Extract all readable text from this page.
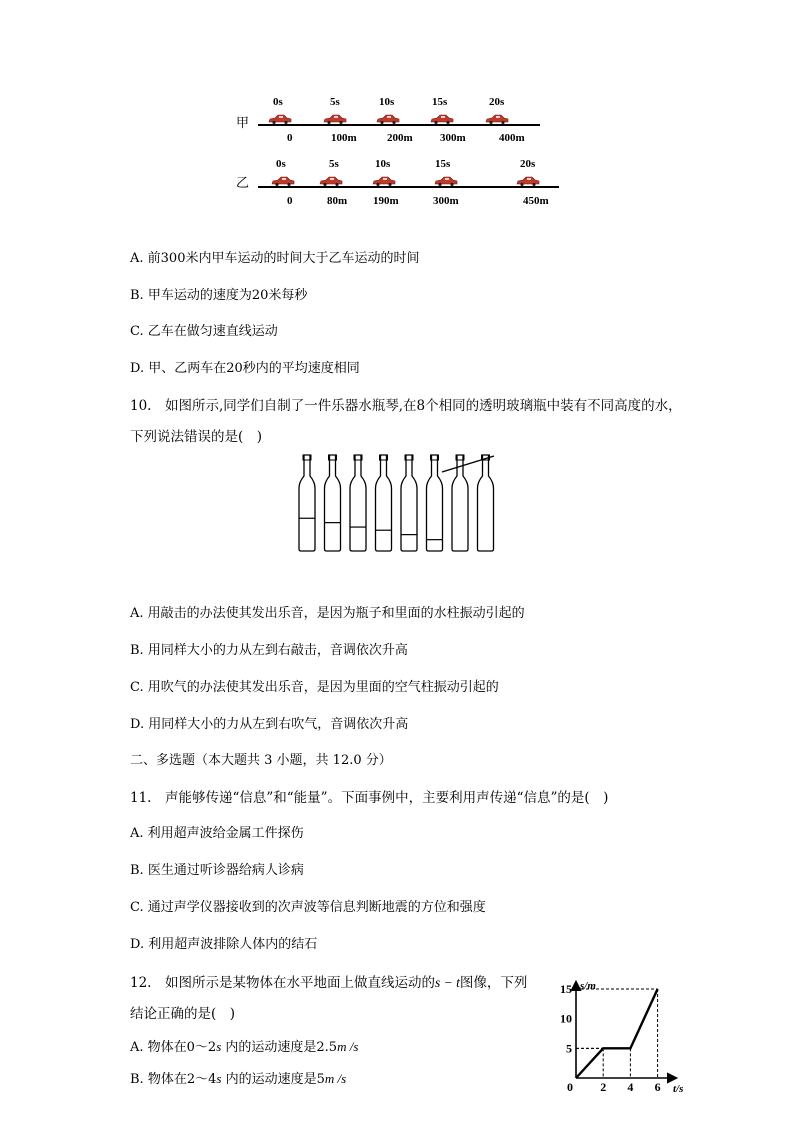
甲
0s	5s	10s	15s	20s
0	100m	200m 300m	400m
乙
0s	5s	10s	15s	20s
0	80m 190m	300m	450m
A. 前300米内甲车运动的时间大于乙车运动的时间
B. 甲车运动的速度为20米每秒
C. 乙车在做匀速直线运动
D. 甲、乙两车在20秒内的平均速度相同
10.　如图所示,同学们自制了一件乐器水瓶琴,在8个相同的透明玻璃瓶中装有不同高度的水，
下列说法错误的是(　)
A. 用敲击的办法使其发出乐音，是因为瓶子和里面的水柱振动引起的
B. 用同样大小的力从左到右敲击，音调依次升高
C. 用吹气的办法使其发出乐音，是因为里面的空气柱振动引起的
D. 用同样大小的力从左到右吹气，音调依次升高
二、多选题（本大题共 3 小题，共 12.0 分）
11.　声能够传递“信息”和“能量”。下面事例中，主要利用声传递“信息”的是(　)
A. 利用超声波给金属工件探伤
B. 医生通过听诊器给病人诊病
C. 通过声学仪器接收到的次声波等信息判断地震的方位和强度
D. 利用超声波排除人体内的结石
12.　如图所示是某物体在水平地面上做直线运动的s − t图像，下列
结论正确的是(　)
A. 物体在0～2s 内的运动速度是2.5m /s
B. 物体在2～4s 内的运动速度是5m /s
s/m
t/s
0 2 4 6
5
10
15
